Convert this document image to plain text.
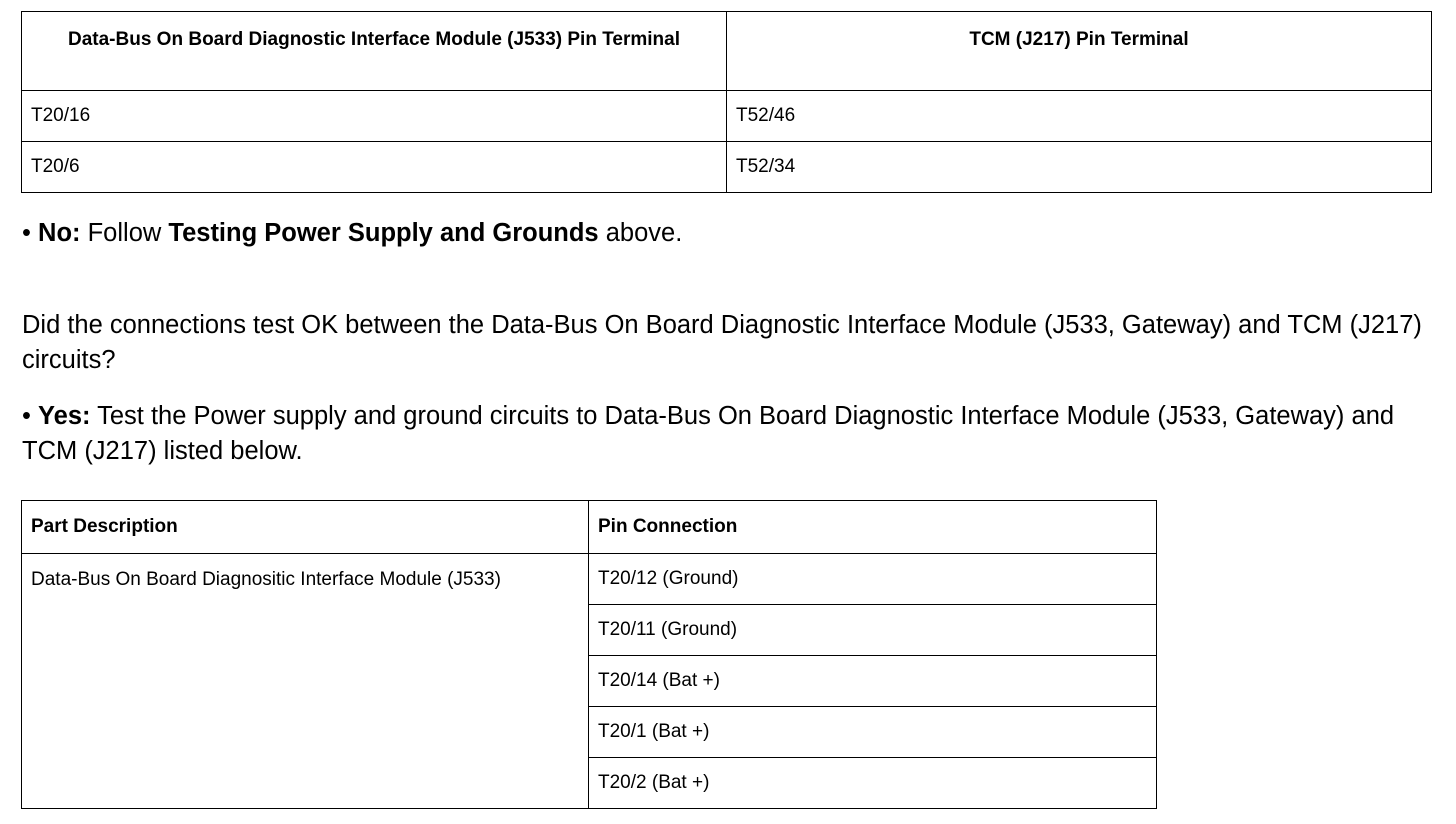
Data-Bus On Board Diagnostic Interface Module (J533) Pin Terminal	TCM (J217) Pin Terminal
T20/16	T52/46
T20/6	T52/34

• No: Follow Testing Power Supply and Grounds above.

Did the connections test OK between the Data-Bus On Board Diagnostic Interface Module (J533, Gateway) and TCM (J217) circuits?

• Yes: Test the Power supply and ground circuits to Data-Bus On Board Diagnostic Interface Module (J533, Gateway) and TCM (J217) listed below.

Part Description	Pin Connection
Data-Bus On Board Diagnositic Interface Module (J533)	T20/12 (Ground)
	T20/11 (Ground)
	T20/14 (Bat +)
	T20/1 (Bat +)
	T20/2 (Bat +)
